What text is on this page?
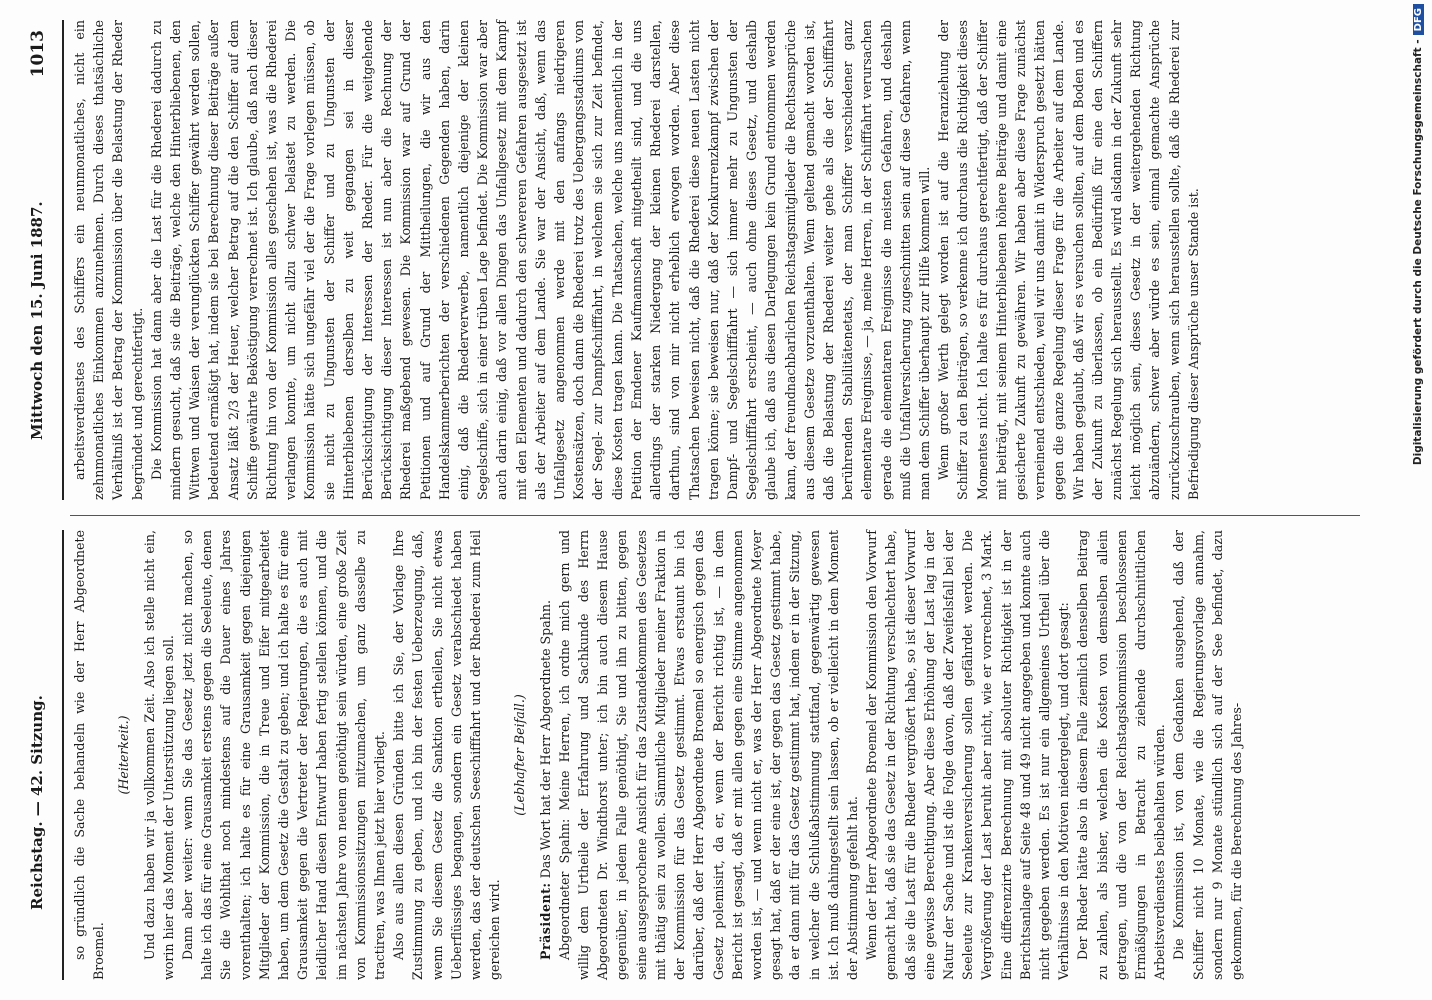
Reichstag. — 42. Sitzung.
Mittwoch den 15. Juni 1887.
1013

so gründlich die Sache behandeln wie der Herr Abgeordnete Broemel.

(Heiterkeit.) Und dazu haben wir ja vollkommen Zeit. Also ich stelle nicht ein, worin hier das Moment der Unterstützung liegen soll. Dann aber weiter: wenn Sie das Gesetz jetzt nicht machen, so halte ich das für eine Grausamkeit erstens gegen die Seeleute, denen Sie die Wohlthat noch mindestens auf die Dauer eines Jahres vorenthalten; ich halte es für eine Grausamkeit gegen diejenigen Mitglieder der Kommission, die in Treue und Eifer mitgearbeitet haben, um dem Gesetz die Gestalt zu geben; und ich halte es für eine Grausamkeit gegen die Vertreter der Regierungen, die es auch mit leidlicher Hand diesen Entwurf haben fertig stellen können, und die im nächsten Jahre von neuem genöthigt sein würden, eine große Zeit von Kommissionssitzungen mitzumachen, um ganz dasselbe zu tractiren, was Ihnen jetzt hier vorliegt. Also aus allen diesen Gründen bitte ich Sie, der Vorlage Ihre Zustimmung zu geben, und ich bin der festen Ueberzeugung, daß, wenn Sie diesem Gesetz die Sanktion ertheilen, Sie nicht etwas Ueberflüssiges begangen, sondern ein Gesetz verabschiedet haben werden, das der deutschen Seeschifffahrt und der Rhederei zum Heil gereichen wird.

(Lebhafter Beifall.)

Präsident: Das Wort hat der Herr Abgeordnete Spahn. Abgeordneter Spahn: Meine Herren, ich ordne mich gern und willig dem Urtheile der Erfahrung und Sachkunde des Herrn Abgeordneten Dr. Windthorst unter; ich bin auch diesem Hause gegenüber, in jedem Falle genöthigt, Sie und ihn zu bitten, gegen seine ausgesprochene Ansicht für das Zustandekommen des Gesetzes mit thätig sein zu wollen. Sämmtliche Mitglieder meiner Fraktion in der Kommission für das Gesetz gestimmt. Etwas erstaunt bin ich darüber, daß der Herr Abgeordnete Broemel so energisch gegen das Gesetz polemisirt, da er, wenn der Bericht richtig ist, — in dem Bericht ist gesagt, daß er mit allen gegen eine Stimme angenommen worden ist, — und wenn nicht er, was der Herr Abgeordnete Meyer gesagt hat, daß er der eine ist, der gegen das Gesetz gestimmt habe, da er dann mit für das Gesetz gestimmt hat, indem er in der Sitzung, in welcher die Schlußabstimmung stattfand, gegenwärtig gewesen ist. Ich muß dahingestellt sein lassen, ob er vielleicht in dem Moment der Abstimmung gefehlt hat. Wenn der Herr Abgeordnete Broemel der Kommission den Vorwurf gemacht hat, daß sie das Gesetz in der Richtung verschlechtert habe, daß sie die Last für die Rheder vergrößert habe, so ist dieser Vorwurf eine gewisse Berechtigung. Aber diese Erhöhung der Last lag in der Natur der Sache und ist die Folge davon, daß der Zweifelsfall bei der Seeleute zur Krankenversicherung sollen gefährdet werden. Die Vergrößerung der Last beruht aber nicht, wie er vorrechnet, 3 Mark. Eine differenzirte Berechnung mit absoluter Richtigkeit ist in der Berichtsanlage auf Seite 48 und 49 nicht angegeben und konnte auch nicht gegeben werden. Es ist nur ein allgemeines Urtheil über die Verhältnisse in den Motiven niedergelegt, und dort gesagt: Der Rheder hätte also in diesem Falle ziemlich denselben Beitrag zu zahlen, als bisher, welchen die Kosten von demselben allein getragen, und die von der Reichstagskommission beschlossenen Ermäßigungen in Betracht zu ziehende durchschnittlichen Arbeitsverdienstes beibehalten würden. Die Kommission ist, von dem Gedanken ausgehend, daß der Schiffer nicht 10 Monate, wie die Regierungsvorlage annahm, sondern nur 9 Monate stündlich sich auf der See befindet, dazu gekommen, für die Berechnung des Jahres-

arbeitsverdienstes des Schiffers ein neunmonatliches, nicht ein zehnmonatliches Einkommen anzunehmen. Durch dieses thatsächliche Verhältniß ist der Betrag der Kommission über die Belastung der Rheder begründet und gerechtfertigt. Die Kommission hat dann aber die Last für die Rhederei dadurch zu mindern gesucht, daß sie die Beiträge, welche den Hinterbliebenen, den Wittwen und Waisen der verunglückten Schiffer gewährt werden sollen, bedeutend ermäßigt hat, indem sie bei Berechnung dieser Beiträge außer Ansatz läßt 2/3 der Heuer, welcher Betrag auf die den Schiffer auf dem Schiffe gewährte Beköstigung verrechnet ist. Ich glaube, daß nach dieser Richtung hin von der Kommission alles geschehen ist, was die Rhederei verlangen konnte, um nicht allzu schwer belastet zu werden. Die Kommission hätte sich ungefähr viel der die Frage vorlegen müssen, ob sie nicht zu Ungunsten der Schiffer und zu Ungunsten der Hinterbliebenen derselben zu weit gegangen sei in dieser Berücksichtigung der Interessen der Rheder. Für die weitgehende Berücksichtigung dieser Interessen ist nun aber die Rechnung der Rhederei maßgebend gewesen. Die Kommission war auf Grund der Petitionen und auf Grund der Mittheilungen, die wir aus den Handelskammerberichten der verschiedenen Gegenden haben, darin einig, daß die Rhederverwerbe, namentlich diejenige der kleinen Segelschiffe, sich in einer trüben Lage befindet. Die Kommission war aber auch darin einig, daß vor allen Dingen das Unfallgesetz mit dem Kampf mit den Elementen und dadurch den schwereren Gefahren ausgesetzt ist als der Arbeiter auf dem Lande. Sie war der Ansicht, daß, wenn das Unfallgesetz angenommen werde mit den anfangs niedrigeren Kostensätzen, doch dann die Rhederei trotz des Uebergangsstadiums von der Segel- zur Dampfschifffahrt, in welchem sie sich zur Zeit befindet, diese Kosten tragen kann. Die Thatsachen, welche uns namentlich in der Petition der Emdener Kaufmannschaft mitgetheilt sind, und die uns allerdings der starken Niedergang der kleinen Rhederei darstellen, darthun, sind von mir nicht erheblich erwogen worden. Aber diese Thatsachen beweisen nicht, daß die Rhederei diese neuen Lasten nicht tragen könne; sie beweisen nur, daß der Konkurrenzkampf zwischen der Dampf- und Segelschifffahrt — sich immer mehr zu Ungunsten der Segelschifffahrt erscheint, — auch ohne dieses Gesetz, und deshalb glaube ich, daß aus diesen Darlegungen kein Grund entnommen werden kann, der freundnachbarlichen Reichstagsmitglieder die Rechtsansprüche aus diesem Gesetze vorzuenthalten. Wenn geltend gemacht worden ist, daß die Belastung der Rhederei weiter gehe als die der Schifffahrt berührenden Stabilitätenetats, der man Schiffer verschiedener ganz elementare Ereignisse, — ja, meine Herren, in der Schifffahrt verursachen gerade die elementaren Ereignisse die meisten Gefahren, und deshalb muß die Unfallversicherung zugeschnitten sein auf diese Gefahren, wenn man dem Schiffer überhaupt zur Hilfe kommen will. Wenn großer Werth gelegt worden ist auf die Heranziehung der Schiffer zu den Beiträgen, so verkenne ich durchaus die Richtigkeit dieses Momentes nicht. Ich halte es für durchaus gerechtfertigt, daß der Schiffer mit beiträgt, mit seinem Hinterbliebenen höhere Beiträge und damit eine gesicherte Zukunft zu gewähren. Wir haben aber diese Frage zunächst verneinend entschieden, weil wir uns damit in Widerspruch gesetzt hätten gegen die ganze Regelung dieser Frage für die Arbeiter auf dem Lande. Wir haben geglaubt, daß wir es versuchen sollten, auf dem Boden und es der Zukunft zu überlassen, ob ein Bedürfniß für eine den Schiffern zunächst Regelung sich herausstellt. Es wird alsdann in der Zukunft sehr leicht möglich sein, dieses Gesetz in der weitergehenden Richtung abzuändern, schwer aber würde es sein, einmal gemachte Ansprüche zurückzuschrauben, wenn sich herausstellen sollte, daß die Rhederei zur Befriedigung dieser Ansprüche unser Stande ist.	Digitalisierung gefördert durch die Deutsche Forschungsgemeinschaft -DFG
